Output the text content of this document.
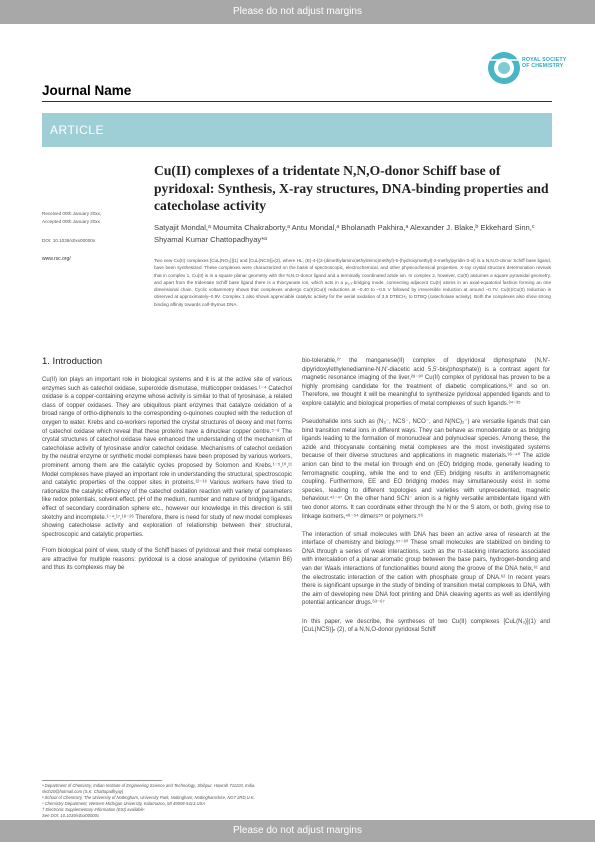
Please do not adjust margins
ROYAL SOCIETY
OF CHEMISTRY
Journal Name
ARTICLE
Cu(II) complexes of a tridentate N,N,O-donor Schiff base of pyridoxal: Synthesis, X-ray structures, DNA-binding properties and catecholase activity
Received 00th January 20xx,
Accepted 00th January 20xx
DOI: 10.1039/x0xx00000x
www.rsc.org/
Satyajit Mondal,ᵃ Moumita Chakraborty,ᵃ Antu Mondal,ᵃ Bholanath Pakhira,ᵃ Alexander J. Blake,ᵇ Ekkehard Sinn,ᶜ Shyamal Kumar Chattopadhyay*ᵃ
Two new Cu(II) complexes [CuL(NO₃)](1) and [CuL(NCS)]ₙ(2), where HL, (E)-4-((2-(dimethylamino)ethylimino)methyl)-5-(hydroxymethyl)-2-methylpyridin-3-ol) is a N,N,O-donor Schiff base ligand, have been synthesized. These complexes were characterized on the basis of spectroscopic, electrochemical, and other physicochemical properties. X-ray crystal structure determination reveals that in complex 1, Cu(II) is in a square planar geometry with the N,N,O-donor ligand and a terminally coordinated azide ion. In complex 2, however, Cu(II) assumes a square pyramidal geometry, and apart from the tridentate Schiff base ligand there is a thiocyanate ion, which acts in a μ₁,₃-bridging mode, connecting adjacent Cu(II) atoms in an axial-equatorial fashion forming an one dimensional chain. Cyclic voltammetry shows that complexes undergo Cu(II)/Cu(I) reductions at –0.40 to –0.5 V followed by irreversible reduction at around –0.7V. Cu(II)/Cu(0) reduction is observed at approximately–0.9V. Complex 1 also shows appreciable catalytic activity for the aerial oxidation of 3,5 DTBCH₂ to DTBQ (catecholase activity). Both the complexes also show strong binding affinity towards calf-thymus DNA.
1. Introduction

Cu(II) ion plays an important role in biological systems and it is at the active site of various enzymes such as catechol oxidase, superoxide dismutase, multicopper oxidases.¹⁻⁴ Catechol oxidase is a copper-containing enzyme whose activity is similar to that of tyrosinase, a related class of copper oxidases. They are ubiquitous plant enzymes that catalyze oxidation of a broad range of ortho-diphenols to the corresponding o-quinones coupled with the reduction of oxygen to water. Krebs and co-workers reported the crystal structures of deoxy and met forms of catechol oxidase which reveal that these proteins have a dinuclear copper centre.⁵⁻⁸ The crystal structures of catechol oxidase have enhanced the understanding of the mechanism of catecholase activity of tyrosinase and/or catechol oxidase. Mechanisms of catechol oxidation by the neutral enzyme or synthetic model complexes have been proposed by various workers, prominent among them are the catalytic cycles proposed by Solomon and Krebs.¹⁻⁵,¹⁰,¹¹ Model complexes have played an important role in understanding the structural, spectroscopic and catalytic properties of the copper sites in proteins.¹²⁻¹⁶ Various workers have tried to rationalize the catalytic efficiency of the catechol oxidation reaction with variety of parameters like redox potentials, solvent effect, pH of the medium, number and nature of bridging ligands, effect of secondary coordination sphere etc., however our knowledge in this direction is still sketchy and incomplete.¹⁻⁴,¹⁷,¹⁸⁻²⁶ Therefore, there is need for study of new model complexes showing catecholase activity and exploration of relationship between their structural, spectroscopic and catalytic properties.

From biological point of view, study of the Schiff bases of pyridoxal and their metal complexes are attractive for multiple reasons: pyridoxal is a close analogue of pyridoxine (vitamin B6) and thus its complexes may be

bio-tolerable,²⁷ the manganese(II) complex of dipyridoxal diphosphate (N,N'-dipyridoxylethylenediamine-N,N'-diacetic acid 5,5'-bis(phosphate)) is a contrast agent for magnetic resonance imaging of the liver,²⁸⁻³⁰ Cu(II) complex of pyridoxal has proven to be a highly promising candidate for the treatment of diabetic complications,³² and so on. Therefore, we thought it will be meaningful to synthesize pyridoxal appended ligands and to explore catalytic and biological properties of metal complexes of such ligands.³⁴⁻³⁵

Pseudohalide ions such as (N₃⁻, NCS⁻, NCO⁻, and N(NC)₂⁻) are versatile ligands that can bind transition metal ions in different ways. They can behave as monodentate or as bridging ligands leading to the formation of mononuclear and polynuclear species. Among these, the azide and thiocyanate containing metal complexes are the most investigated systems because of their diverse structures and applications in magnetic materials.³⁶⁻⁴⁰ The azide anion can bind to the metal ion through end on (EO) bridging mode, generally leading to ferromagnetic coupling, while the end to end (EE) bridging results in antiferromagnetic coupling. Furthermore, EE and EO bridging modes may simultaneously exist in some species, leading to different topologies and varieties with unprecedented, magnetic behaviour.⁴¹⁻⁴⁷ On the other hand SCN⁻ anion is a highly versatile ambidentate ligand with two donor atoms. It can coordinate either through the N or the S atom, or both, giving rise to linkage isomers,⁴⁸⁻⁵⁴ dimers⁵⁵ or polymers.⁵⁶

The interaction of small molecules with DNA has been an active area of research at the interface of chemistry and biology.⁵⁷⁻⁶⁰ These small molecules are stabilized on binding to DNA through a series of weak interactions, such as the π-stacking interactions associated with intercalation of a planar aromatic group between the base pairs, hydrogen-bonding and van der Waals interactions of functionalities bound along the groove of the DNA helix,⁶¹ and the electrostatic interaction of the cation with phosphate group of DNA.⁶² In recent years there is significant upsurge in the study of binding of transition metal complexes to DNA, with the aim of developing new DNA foot printing and DNA cleaving agents as well as identifying potential anticancer drugs.⁶³⁻⁶⁷

In this paper, we describe, the syntheses of two Cu(II) complexes [CuL(N₃)](1) and [CuL(NCS)]ₙ (2), of a N,N,O-donor pyridoxal Schiff

ᵃ Department of Chemistry, Indian Institute of Engineering Science and Technology, Shibpur, Howrah 711103, India. skch20@hotmail.com (S.K. Chattopadhyay)
ᵇ School of Chemistry, The University of Nottingham, University Park, Nottingham, Nottinghamshire, NG7 2RD,U.K.
ᶜ Chemistry Department, Western Michigan University, Kalamazoo, MI 49008-5413,USA
† Electronic Supplementary Information (ESI) available:
See DOI: 10.1039/x0xx00000x
Please do not adjust margins
